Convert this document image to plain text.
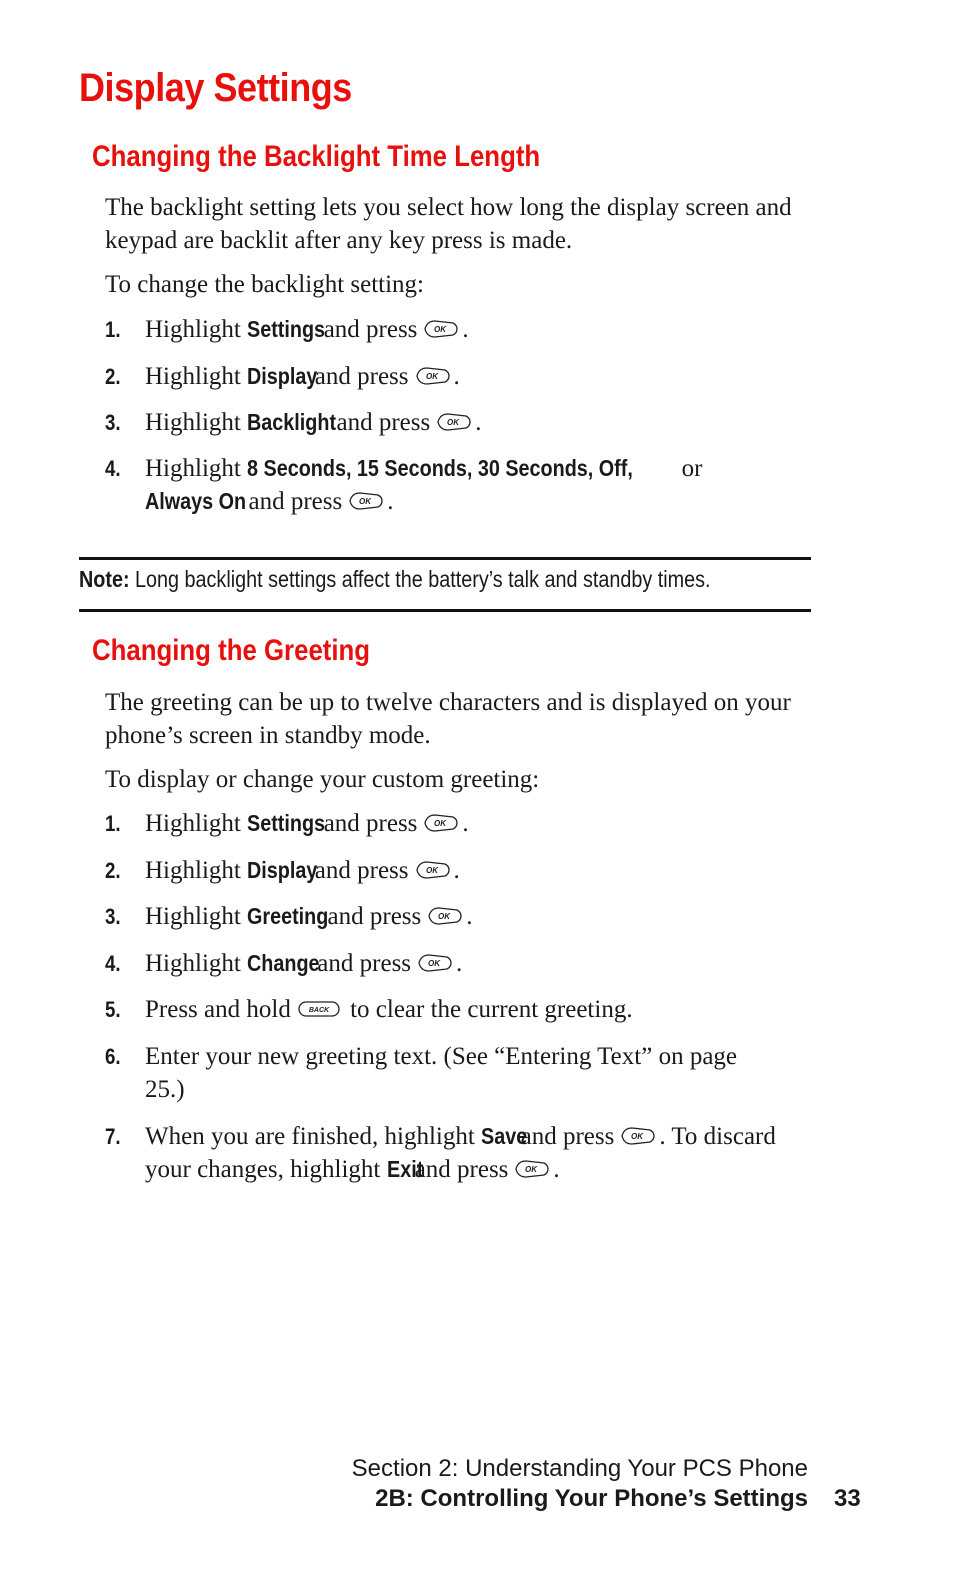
Display Settings
Changing the Backlight Time Length
The backlight setting lets you select how long the display screen and keypad are backlit after any key press is made.
To change the backlight setting:
1. Highlight Settings and press OK .
2. Highlight Display and press OK .
3. Highlight Backlight and press OK .
4. Highlight 8 Seconds, 15 Seconds, 30 Seconds, Off, or
Always On and press OK .
Note: Long backlight settings affect the battery’s talk and standby times.
Changing the Greeting
The greeting can be up to twelve characters and is displayed on your phone’s screen in standby mode.
To display or change your custom greeting:
1. Highlight Settings and press OK .
2. Highlight Display and press OK .
3. Highlight Greeting and press OK .
4. Highlight Change and press OK .
5. Press and hold	BACK to clear the current greeting.
6. Enter your new greeting text. (See “Entering Text” on page 25.)
7. When you are finished, highlight Save and press OK . To discard your changes, highlight Exit and press OK .
Section 2: Understanding Your PCS Phone
2B: Controlling Your Phone’s Settings 33
